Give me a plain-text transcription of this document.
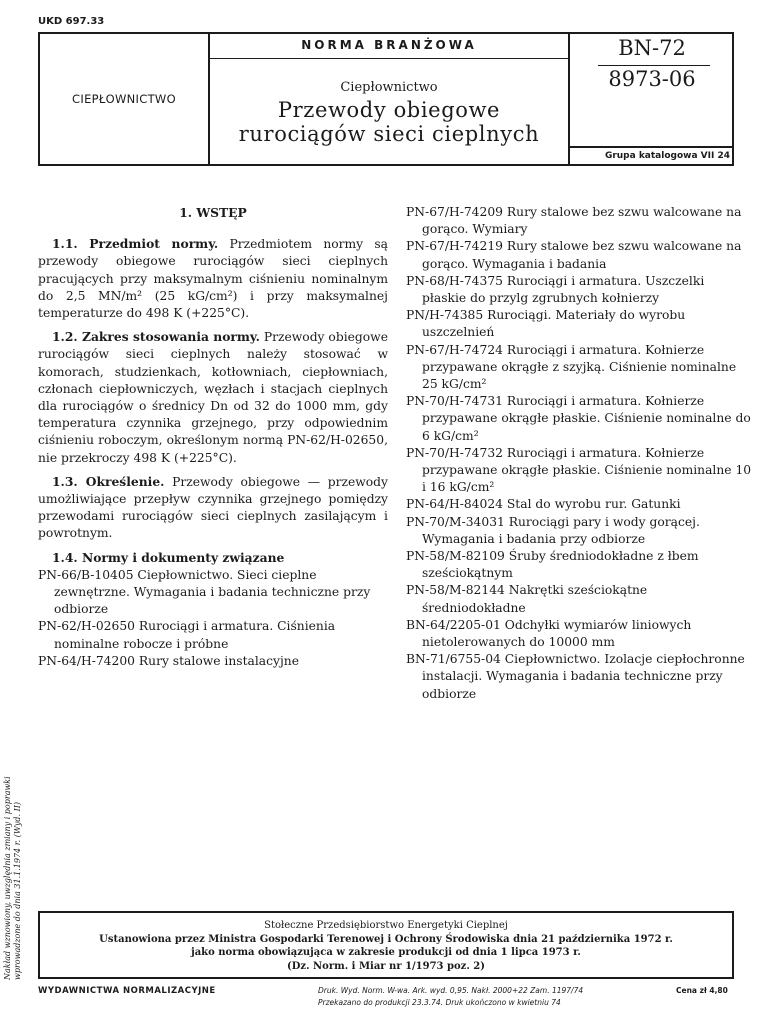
UKD 697.33
CIEPŁOWNICTWO
NORMA BRANŻOWA
Ciepłownictwo
Przewody obiegowe
rurociągów sieci cieplnych
BN-72
8973-06
Grupa katalogowa VII 24
1. WSTĘP

1.1. Przedmiot normy. Przedmiotem normy są przewody obiegowe rurociągów sieci cieplnych pracujących przy maksymalnym ciśnieniu nominalnym do 2,5 MN/m² (25 kG/cm²) i przy maksymalnej temperaturze do 498 K (+225°C).

1.2. Zakres stosowania normy. Przewody obiegowe rurociągów sieci cieplnych należy stosować w komorach, studzienkach, kotłowniach, ciepłowniach, członach ciepłowniczych, węzłach i stacjach cieplnych dla rurociągów o średnicy Dn od 32 do 1000 mm, gdy temperatura czynnika grzejnego, przy odpowiednim ciśnieniu roboczym, określonym normą PN-62/H-02650, nie przekroczy 498 K (+225°C).

1.3. Określenie. Przewody obiegowe — przewody umożliwiające przepływ czynnika grzejnego pomiędzy przewodami rurociągów sieci cieplnych zasilającym i powrotnym.

1.4. Normy i dokumenty związane

PN-66/B-10405 Ciepłownictwo. Sieci cieplne zewnętrzne. Wymagania i badania techniczne przy odbiorze

PN-62/H-02650 Rurociągi i armatura. Ciśnienia nominalne robocze i próbne

PN-64/H-74200 Rury stalowe instalacyjne

PN-67/H-74209 Rury stalowe bez szwu walcowane na gorąco. Wymiary

PN-67/H-74219 Rury stalowe bez szwu walcowane na gorąco. Wymagania i badania

PN-68/H-74375 Rurociągi i armatura. Uszczelki płaskie do przylg zgrubnych kołnierzy

PN/H-74385 Rurociągi. Materiały do wyrobu uszczelnień

PN-67/H-74724 Rurociągi i armatura. Kołnierze przypawane okrągłe z szyjką. Ciśnienie nominalne 25 kG/cm²

PN-70/H-74731 Rurociągi i armatura. Kołnierze przypawane okrągłe płaskie. Ciśnienie nominalne do 6 kG/cm²

PN-70/H-74732 Rurociągi i armatura. Kołnierze przypawane okrągłe płaskie. Ciśnienie nominalne 10 i 16 kG/cm²

PN-64/H-84024 Stal do wyrobu rur. Gatunki

PN-70/M-34031 Rurociągi pary i wody gorącej. Wymagania i badania przy odbiorze

PN-58/M-82109 Śruby średniodokładne z łbem sześciokątnym

PN-58/M-82144 Nakrętki sześciokątne średniodokładne

BN-64/2205-01 Odchyłki wymiarów liniowych nietolerowanych do 10000 mm

BN-71/6755-04 Ciepłownictwo. Izolacje ciepłochronne instalacji. Wymagania i badania techniczne przy odbiorze

Nakład wznowiony, uwzględnia zmiany i poprawki wprowadzone do dnia 31.1.1974 r. (Wyd. II)	Stołeczne Przedsiębiorstwo Energetyki Cieplnej
Ustanowiona przez Ministra Gospodarki Terenowej i Ochrony Środowiska dnia 21 października 1972 r.
jako norma obowiązująca w zakresie produkcji od dnia 1 lipca 1973 r.
(Dz. Norm. i Miar nr 1/1973 poz. 2)
WYDAWNICTWA NORMALIZACYJNE	Druk. Wyd. Norm. W-wa. Ark. wyd. 0,95. Nakł. 2000+22 Zam. 1197/74
Przekazano do produkcji 23.3.74. Druk ukończono w kwietniu 74
Cena zł 4,80
